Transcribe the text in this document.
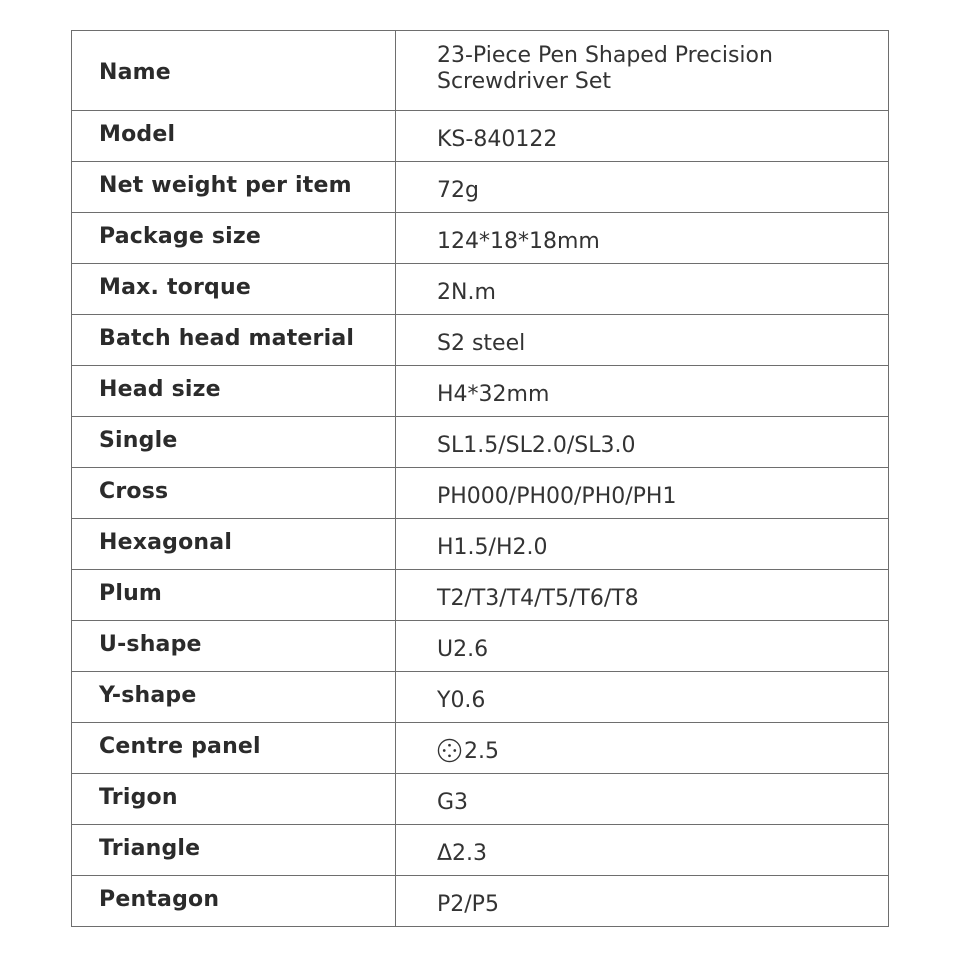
Name	23-Piece Pen Shaped Precision Screwdriver Set
Model	KS-840122
Net weight per item	72g
Package size	124*18*18mm
Max. torque	2N.m
Batch head material	S2 steel
Head size	H4*32mm
Single	SL1.5/SL2.0/SL3.0
Cross	PH000/PH00/PH0/PH1
Hexagonal	H1.5/H2.0
Plum	T2/T3/T4/T5/T6/T8
U-shape	U2.6
Y-shape	Y0.6
Centre panel	2.5
Trigon	G3
Triangle	Δ2.3
Pentagon	P2/P5
